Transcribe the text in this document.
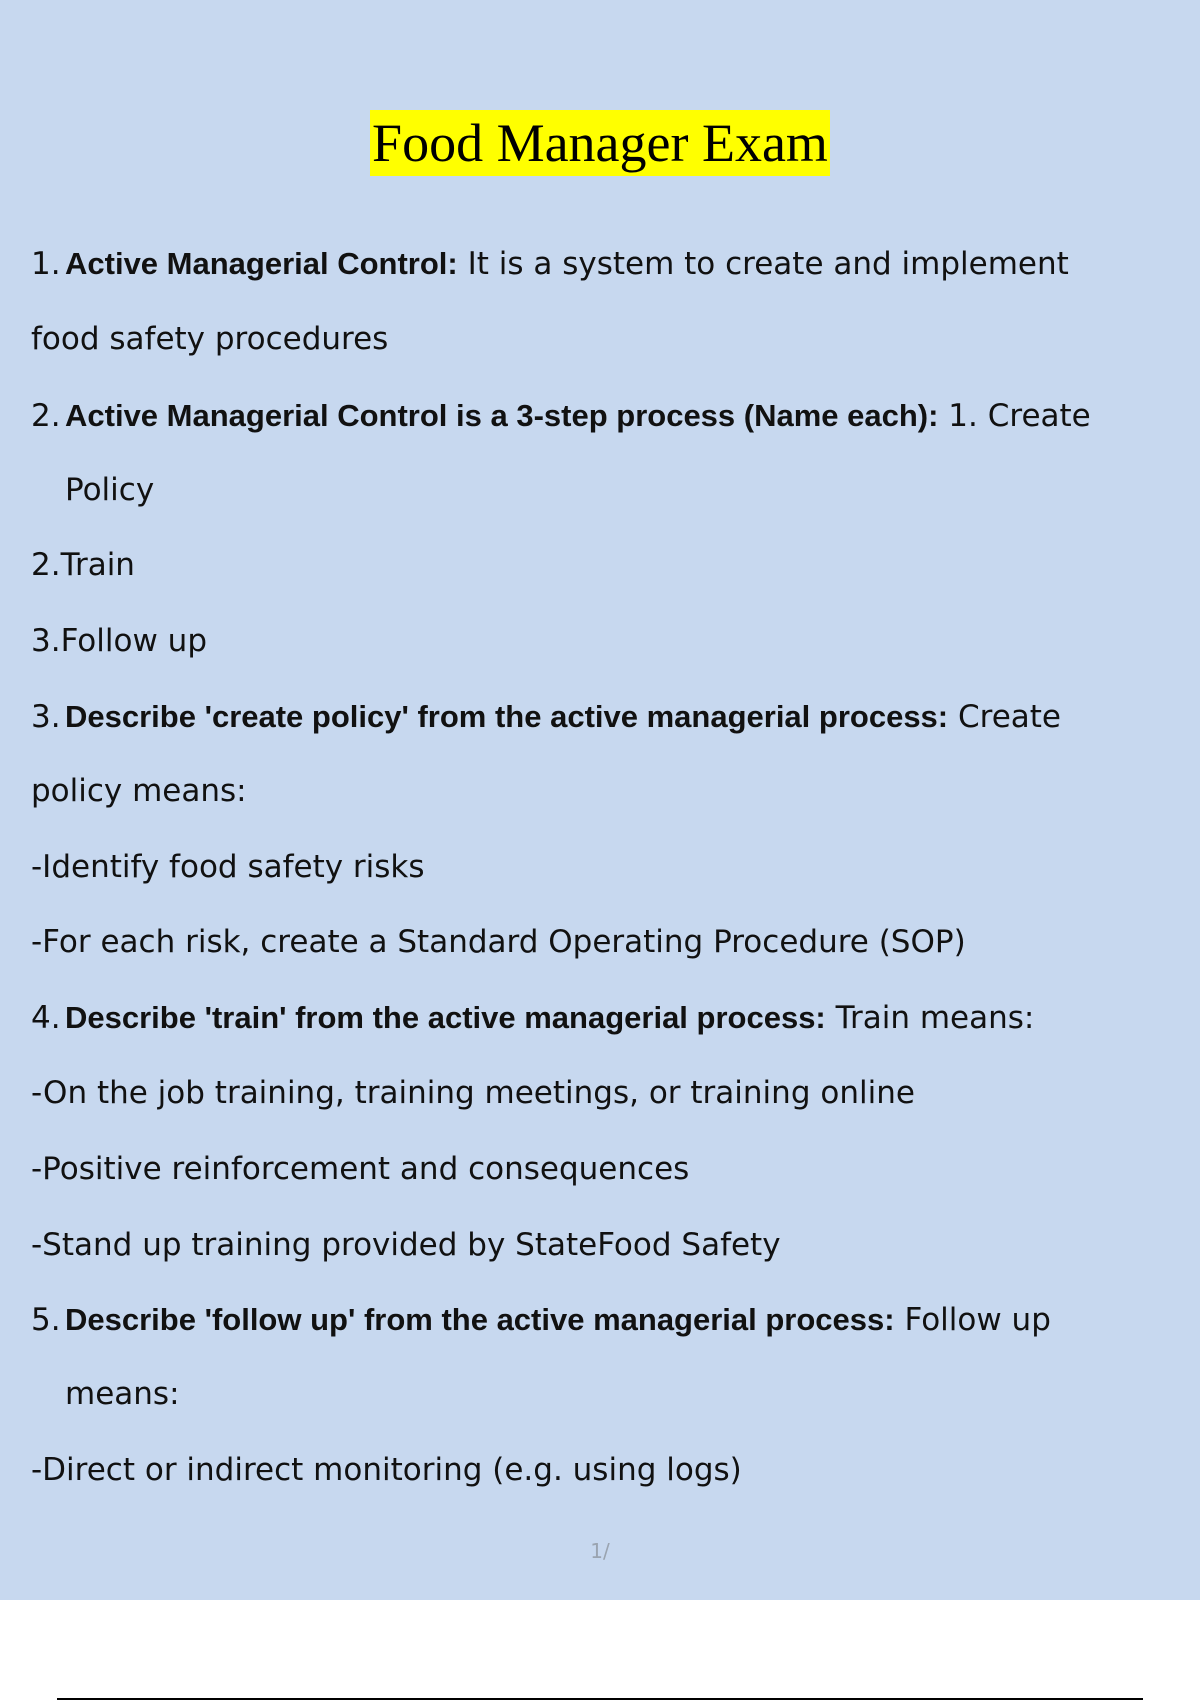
Food Manager Exam
1. Active Managerial Control: It is a system to create and implement
food safety procedures
2. Active Managerial Control is a 3-step process (Name each): 1. Create
Policy
2.Train
3.Follow up
3. Describe 'create policy' from the active managerial process: Create
policy means:
-Identify food safety risks
-For each risk, create a Standard Operating Procedure (SOP)
4. Describe 'train' from the active managerial process: Train means:
-On the job training, training meetings, or training online
-Positive reinforcement and consequences
-Stand up training provided by StateFood Safety
5. Describe 'follow up' from the active managerial process: Follow up
means:
-Direct or indirect monitoring (e.g. using logs)
1/
